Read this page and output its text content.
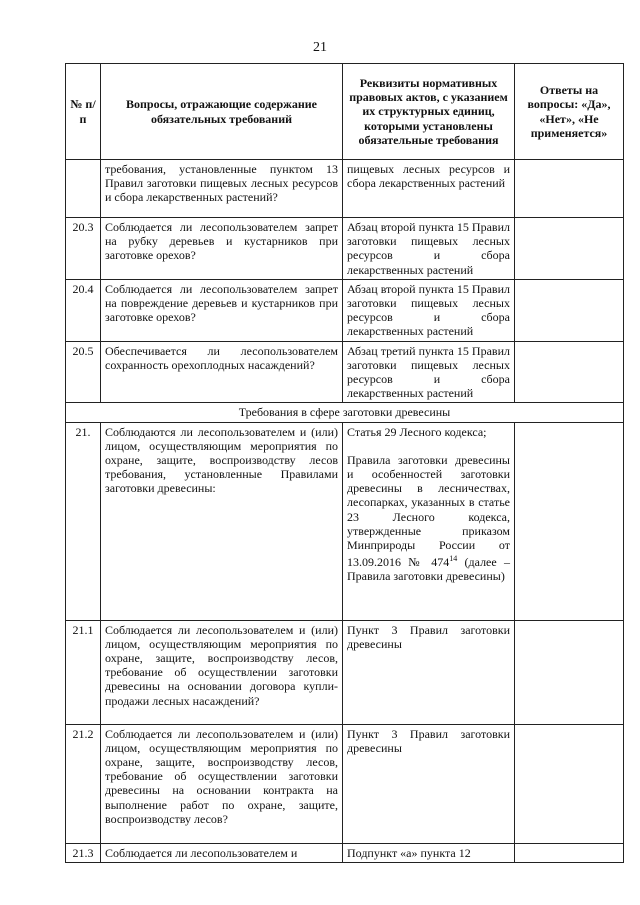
21
№ п/п	Вопросы, отражающие содержание обязательных требований	Реквизиты нормативных правовых актов, с указанием их структурных единиц, которыми установлены обязательные требования	Ответы на вопросы: «Да», «Нет», «Не применяется»
	требования, установленные пунктом 13 Правил заготовки пищевых лесных ресурсов и сбора лекарственных растений?	пищевых лесных ресурсов и сбора лекарственных растений	
20.3	Соблюдается ли лесопользователем запрет на рубку деревьев и кустарников при заготовке орехов?	Абзац второй пункта 15 Правил заготовки пищевых лесных ресурсов и сбора лекарственных растений	
20.4	Соблюдается ли лесопользователем запрет на повреждение деревьев и кустарников при заготовке орехов?	Абзац второй пункта 15 Правил заготовки пищевых лесных ресурсов и сбора лекарственных растений	
20.5	Обеспечивается ли лесопользователем сохранность орехоплодных насаждений?	Абзац третий пункта 15 Правил заготовки пищевых лесных ресурсов и сбора лекарственных растений	
Требования в сфере заготовки древесины			
21.	Соблюдаются ли лесопользователем и (или) лицом, осуществляющим мероприятия по охране, защите, воспроизводству лесов требования, установленные Правилами заготовки древесины:	Статья 29 Лесного кодекса;
Правила заготовки древесины и особенностей заготовки древесины в лесничествах, лесопарках, указанных в статье 23 Лесного кодекса, утвержденные приказом Минприроды России от 13.09.2016 № $474^{14}$ (далее – Правила заготовки древесины)	
21.1	Соблюдается ли лесопользователем и (или) лицом, осуществляющим мероприятия по охране, защите, воспроизводству лесов, требование об осуществлении заготовки древесины на основании договора купли-продажи лесных насаждений?	Пункт 3 Правил заготовки древесины	
21.2	Соблюдается ли лесопользователем и (или) лицом, осуществляющим мероприятия по охране, защите, воспроизводству лесов, требование об осуществлении заготовки древесины на основании контракта на выполнение работ по охране, защите, воспроизводству лесов?	Пункт 3 Правил заготовки древесины	
21.3	Соблюдается ли лесопользователем и	Подпункт «а» пункта 12	
